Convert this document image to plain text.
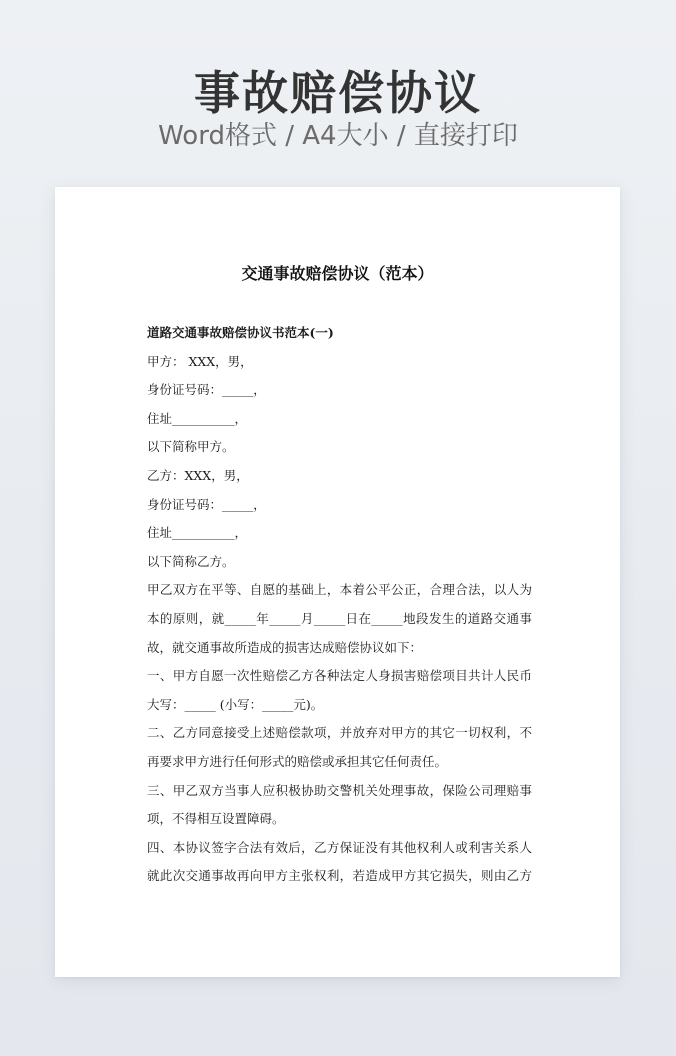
事故赔偿协议
Word格式 / A4大小 / 直接打印
交通事故赔偿协议（范本）
道路交通事故赔偿协议书范本(一)
甲方： XXX，男，
身份证号码：_____，
住址__________，
以下简称甲方。
乙方：XXX，男，
身份证号码：_____，
住址__________，
以下简称乙方。
甲乙双方在平等、自愿的基础上，本着公平公正，合理合法，以人为
本的原则，就_____年_____月_____日在_____地段发生的道路交通事
故，就交通事故所造成的损害达成赔偿协议如下：
一、甲方自愿一次性赔偿乙方各种法定人身损害赔偿项目共计人民币
大写：_____ (小写：_____元)。
二、乙方同意接受上述赔偿款项，并放弃对甲方的其它一切权利，不
再要求甲方进行任何形式的赔偿或承担其它任何责任。
三、甲乙双方当事人应积极协助交警机关处理事故，保险公司理赔事
项，不得相互设置障碍。
四、本协议签字合法有效后，乙方保证没有其他权利人或利害关系人
就此次交通事故再向甲方主张权利，若造成甲方其它损失，则由乙方
